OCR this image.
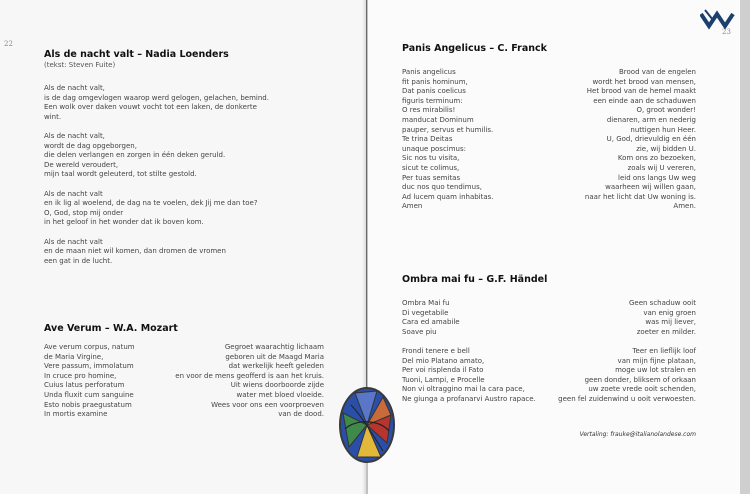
22
Als de nacht valt – Nadia Loenders
(tekst: Steven Fuite)
Als de nacht valt,
is de dag omgevlogen waarop werd gelogen, gelachen, bemind.
Een wolk over daken vouwt vocht tot een laken, de donkerte
wint.
Als de nacht valt,
wordt de dag opgeborgen,
die delen verlangen en zorgen in één deken geruld.
De wereld veroudert,
mijn taal wordt geleuterd, tot stilte gestold.
Als de nacht valt
en ik lig al woelend, de dag na te voelen, dek Jij me dan toe?
O, God, stop mij onder
in het geloof in het wonder dat ik boven kom.
Als de nacht valt
en de maan niet wil komen, dan dromen de vromen
een gat in de lucht.
Ave Verum – W.A. Mozart
Ave verum corpus, natum
de Maria Virgine,
Vere passum, immolatum
In cruce pro homine,
Cuius latus perforatum
Unda fluxit cum sanguine
Esto nobis praegustatum
In mortis examine
Gegroet waarachtig lichaam
geboren uit de Maagd Maria
dat werkelijk heeft geleden
en voor de mens geofferd is aan het kruis.
Uit wiens doorboorde zijde
water met bloed vloeide.
Wees voor ons een voorproeven
van de dood.
Panis Angelicus – C. Franck
Panis angelicus
fit panis hominum,
Dat panis coelicus
figuris terminum:
O res mirabilis!
manducat Dominum
pauper, servus et humilis.
Te trina Deitas
unaque poscimus:
Sic nos tu visita,
sicut te colimus,
Per tuas semitas
duc nos quo tendimus,
Ad lucem quam inhabitas.
Amen
Brood van de engelen
wordt het brood van mensen,
Het brood van de hemel maakt
een einde aan de schaduwen
O, groot wonder!
dienaren, arm en nederig
nuttigen hun Heer.
U, God, drievuldig en één
zie, wij bidden U.
Kom ons zo bezoeken,
zoals wij U vereren,
leid ons langs Uw weg
waarheen wij willen gaan,
naar het licht dat Uw woning is.
Amen.
Ombra mai fu – G.F. Händel
Ombra Mai fu
Di vegetabile
Cara ed amabile
Soave piu
Frondi tenere e bell
Del mio Platano amato,
Per voi risplenda il Fato
Tuoni, Lampi, e Procelle
Non vi oltraggino mai la cara pace,
Ne giunga a profanarvi Austro rapace.
Geen schaduw ooit
van enig groen
was mij liever,
zoeter en milder.
Teer en lieflijk loof
van mijn fijne plataan,
moge uw lot stralen en
geen donder, bliksem of orkaan
uw zoete vrede ooit schenden,
geen fel zuidenwind u ooit verwoesten.
Vertaling: frauke@italianolandese.com
23
